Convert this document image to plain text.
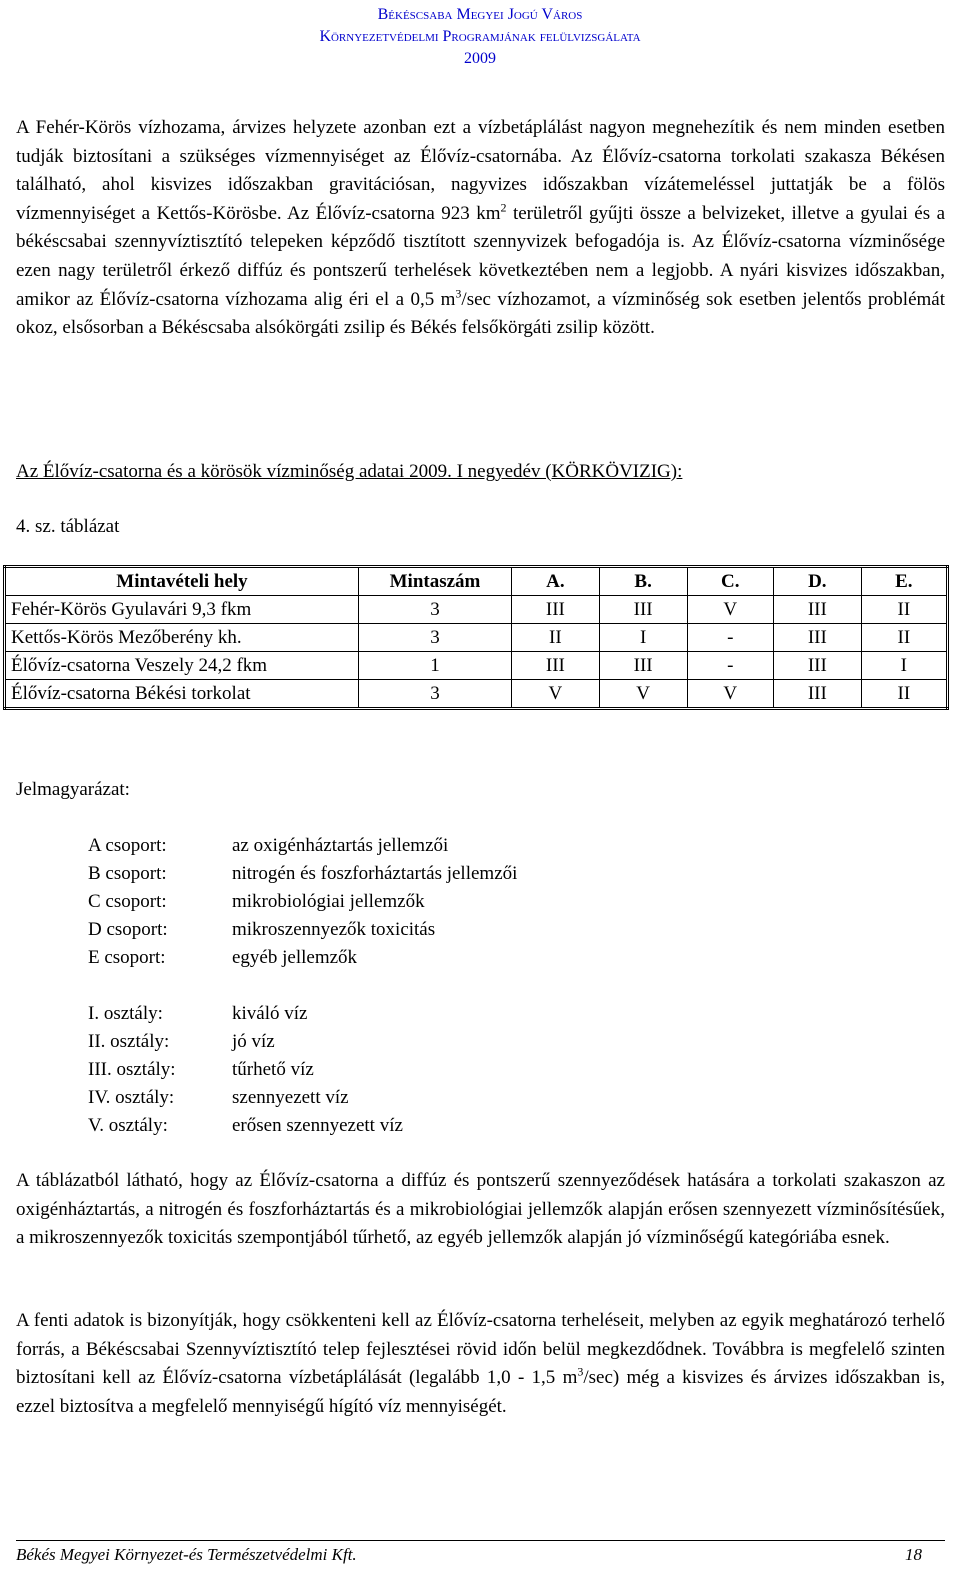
Békéscsaba Megyei Jogú Város
Környezetvédelmi Programjának felülvizsgálata
2009
A Fehér-Körös vízhozama, árvizes helyzete azonban ezt a vízbetáplálást nagyon megnehezítik és nem minden esetben tudják biztosítani a szükséges vízmennyiséget az Élővíz-csatornába. Az Élővíz-csatorna torkolati szakasza Békésen található, ahol kisvizes időszakban gravitációsan, nagyvizes időszakban vízátemeléssel juttatják be a fölös vízmennyiséget a Kettős-Körösbe. Az Élővíz-csatorna 923 $km^2$ területről gyűjti össze a belvizeket, illetve a gyulai és a békéscsabai szennyvíztisztító telepeken képződő tisztított szennyvizek befogadója is. Az Élővíz-csatorna vízminősége ezen nagy területről érkező diffúz és pontszerű terhelések következtében nem a legjobb. A nyári kisvizes időszakban, amikor az Élővíz-csatorna vízhozama alig éri el a 0,5 $m^3/\sec$ vízhozamot, a vízminőség sok esetben jelentős problémát okoz, elsősorban a Békéscsaba alsókörgáti zsilip és Békés felsőkörgáti zsilip között.
Az Élővíz-csatorna és a körösök vízminőség adatai 2009. I negyedév (KÖRKÖVIZIG):
4. sz. táblázat
Mintavételi hely	Mintaszám	A.	B.	C.	D.	E.
Fehér-Körös Gyulavári 9,3 fkm	3	III	III	V	III	II
Kettős-Körös Mezőberény kh.	3	II	I	-	III	II
Élővíz-csatorna Veszely 24,2 fkm	1	III	III	-	III	I
Élővíz-csatorna Békési torkolat	3	V	V	V	III	II
Jelmagyarázat:
A csoport:	az oxigénháztartás jellemzői
B csoport:	nitrogén és foszforháztartás jellemzői
C csoport:	mikrobiológiai jellemzők
D csoport:	mikroszennyezők toxicitás
E csoport:	egyéb jellemzők
I. osztály:	kiváló víz
II. osztály:	jó víz
III. osztály:	tűrhető víz
IV. osztály:	szennyezett víz
V. osztály:	erősen szennyezett víz
A táblázatból látható, hogy az Élővíz-csatorna a diffúz és pontszerű szennyeződések hatására a torkolati szakaszon az oxigénháztartás, a nitrogén és foszforháztartás és a mikrobiológiai jellemzők alapján erősen szennyezett vízminősítésűek, a mikroszennyezők toxicitás szempontjából tűrhető, az egyéb jellemzők alapján jó vízminőségű kategóriába esnek.
A fenti adatok is bizonyítják, hogy csökkenteni kell az Élővíz-csatorna terheléseit, melyben az egyik meghatározó terhelő forrás, a Békéscsabai Szennyvíztisztító telep fejlesztései rövid időn belül megkezdődnek. Továbbra is megfelelő szinten biztosítani kell az Élővíz-csatorna vízbetáplálását (legalább 1,0 - 1,5 $m^3/\sec$) még a kisvizes és árvizes időszakban is, ezzel biztosítva a megfelelő mennyiségű hígító víz mennyiségét.
Békés Megyei Környezet-és Természetvédelmi Kft.	18
